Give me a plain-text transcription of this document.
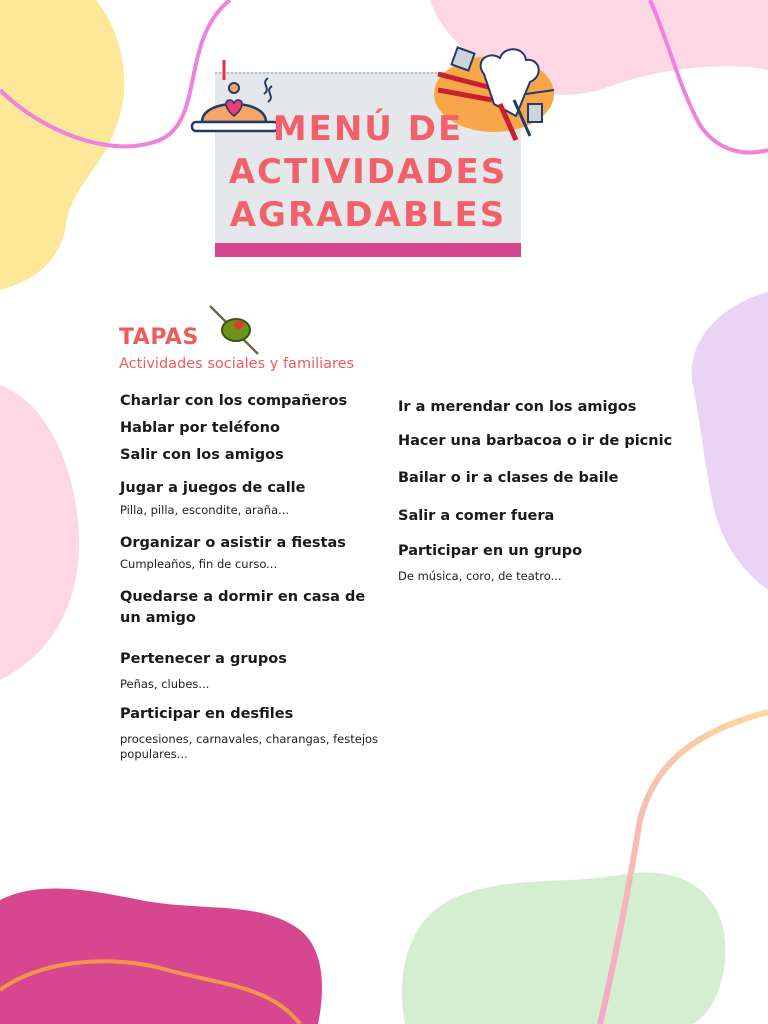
MENÚ DE
ACTIVIDADES
AGRADABLES
TAPAS
Actividades sociales y familiares
Charlar con los compañeros
Hablar por teléfono
Salir con los amigos
Jugar a juegos de calle
Pilla, pilla, escondite, araña...
Organizar o asistir a fiestas
Cumpleaños, fin de curso...
Quedarse a dormir en casa de un amigo
Pertenecer a grupos
Peñas, clubes...
Participar en desfiles
procesiones, carnavales, charangas, festejos populares...
Ir a merendar con los amigos
Hacer una barbacoa o ir de picnic
Bailar o ir a clases de baile
Salir a comer fuera
Participar en un grupo
De música, coro, de teatro...
